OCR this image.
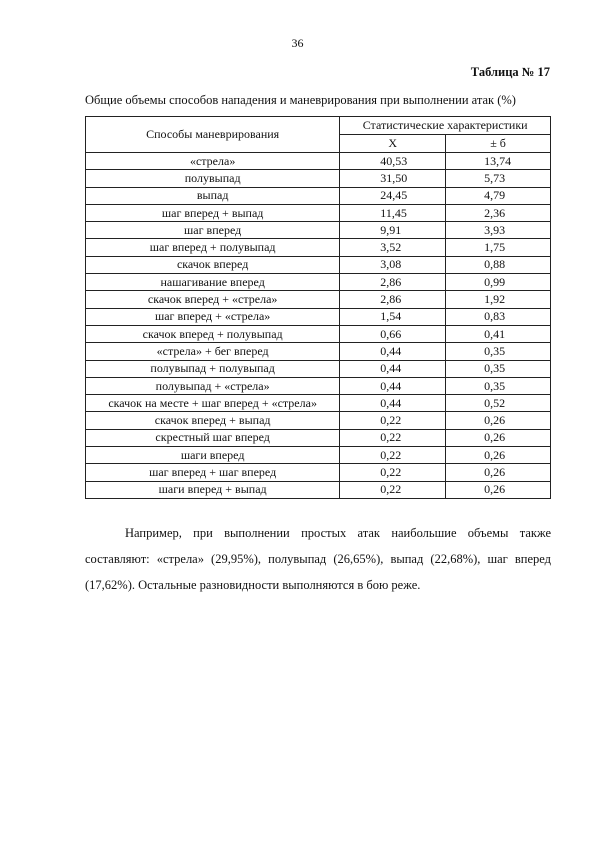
36
Таблица № 17
Общие объемы способов нападения и маневрирования при выполнении атак (%)
Способы маневрирования	Статистические характеристики	
	X	± б
«стрела»	40,53	13,74
полувыпад	31,50	5,73
выпад	24,45	4,79
шаг вперед + выпад	11,45	2,36
шаг вперед	9,91	3,93
шаг вперед + полувыпад	3,52	1,75
скачок вперед	3,08	0,88
нашагивание вперед	2,86	0,99
скачок вперед + «стрела»	2,86	1,92
шаг вперед + «стрела»	1,54	0,83
скачок вперед + полувыпад	0,66	0,41
«стрела» + бег вперед	0,44	0,35
полувыпад + полувыпад	0,44	0,35
полувыпад + «стрела»	0,44	0,35
скачок на месте + шаг вперед + «стрела»	0,44	0,52
скачок вперед + выпад	0,22	0,26
скрестный шаг вперед	0,22	0,26
шаги вперед	0,22	0,26
шаг вперед + шаг вперед	0,22	0,26
шаги вперед + выпад	0,22	0,26
Например, при выполнении простых атак наибольшие объемы также составляют: «стрела» (29,95%), полувыпад (26,65%), выпад (22,68%), шаг вперед (17,62%). Остальные разновидности выполняются в бою реже.
